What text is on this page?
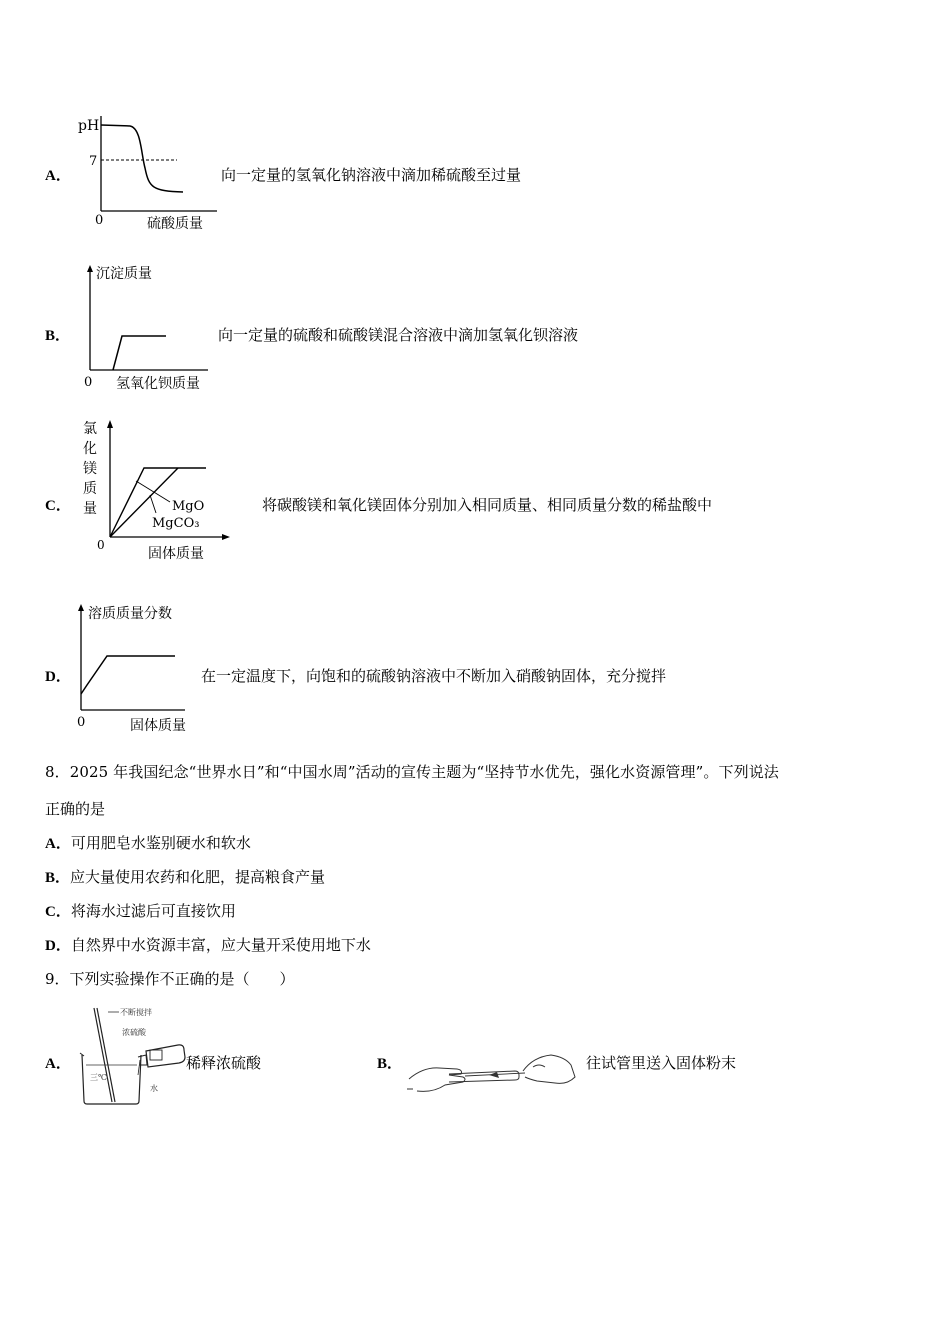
pH
7
0	硫酸质量
A．	向一定量的氢氧化钠溶液中滴加稀硫酸至过量
沉淀质量
0 氢氧化钡质量
B．	向一定量的硫酸和硫酸镁混合溶液中滴加氢氧化钡溶液
氯
化
镁
质
量	MgO
MgCO₃
0
固体质量
C．	将碳酸镁和氧化镁固体分别加入相同质量、相同质量分数的稀盐酸中
溶质质量分数
0	固体质量
D．	在一定温度下，向饱和的硫酸钠溶液中不断加入硝酸钠固体，充分搅拌
8．2025 年我国纪念“世界水日”和“中国水周”活动的宣传主题为“坚持节水优先，强化水资源管理”。下列说法
正确的是
A．可用肥皂水鉴别硬水和软水
B．应大量使用农药和化肥，提高粮食产量
C．将海水过滤后可直接饮用
D．自然界中水资源丰富，应大量开采使用地下水
9．下列实验操作不正确的是（　　）
不断搅拌
浓硫酸
三℃
水
A．	稀释浓硫酸	B．	往试管里送入固体粉末
